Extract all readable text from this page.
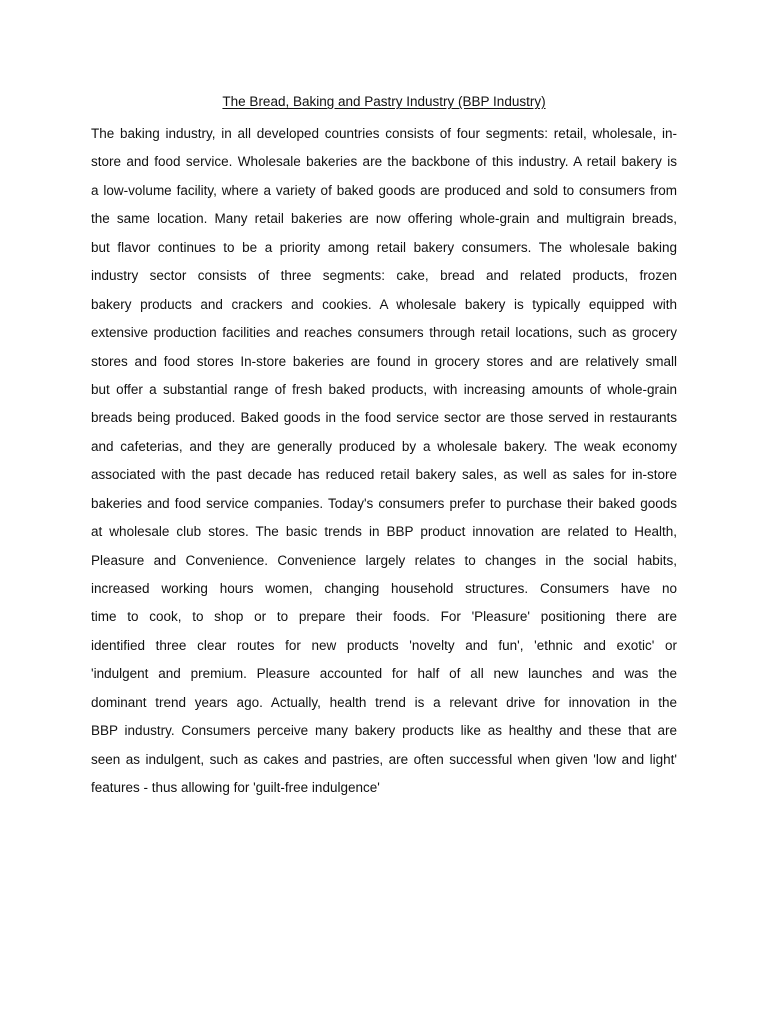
The Bread, Baking and Pastry Industry (BBP Industry)
The baking industry, in all developed countries consists of four segments: retail, wholesale, in-
store and food service. Wholesale bakeries are the backbone of this industry. A retail bakery is
a low-volume facility, where a variety of baked goods are produced and sold to consumers from
the same location. Many retail bakeries are now offering whole-grain and multigrain breads,
but flavor continues to be a priority among retail bakery consumers. The wholesale baking
industry sector consists of three segments: cake, bread and related products, frozen
bakery products and crackers and cookies. A wholesale bakery is typically equipped with
extensive production facilities and reaches consumers through retail locations, such as grocery
stores and food stores In-store bakeries are found in grocery stores and are relatively small
but offer a substantial range of fresh baked products, with increasing amounts of whole-grain
breads being produced. Baked goods in the food service sector are those served in restaurants
and cafeterias, and they are generally produced by a wholesale bakery. The weak economy
associated with the past decade has reduced retail bakery sales, as well as sales for in-store
bakeries and food service companies. Today's consumers prefer to purchase their baked goods
at wholesale club stores. The basic trends in BBP product innovation are related to Health,
Pleasure and Convenience. Convenience largely relates to changes in the social habits,
increased working hours women, changing household structures. Consumers have no
time to cook, to shop or to prepare their foods. For 'Pleasure' positioning there are
identified three clear routes for new products 'novelty and fun', 'ethnic and exotic' or
'indulgent and premium. Pleasure accounted for half of all new launches and was the
dominant trend years ago. Actually, health trend is a relevant drive for innovation in the
BBP industry. Consumers perceive many bakery products like as healthy and these that are
seen as indulgent, such as cakes and pastries, are often successful when given 'low and light'
features - thus allowing for 'guilt-free indulgence'
